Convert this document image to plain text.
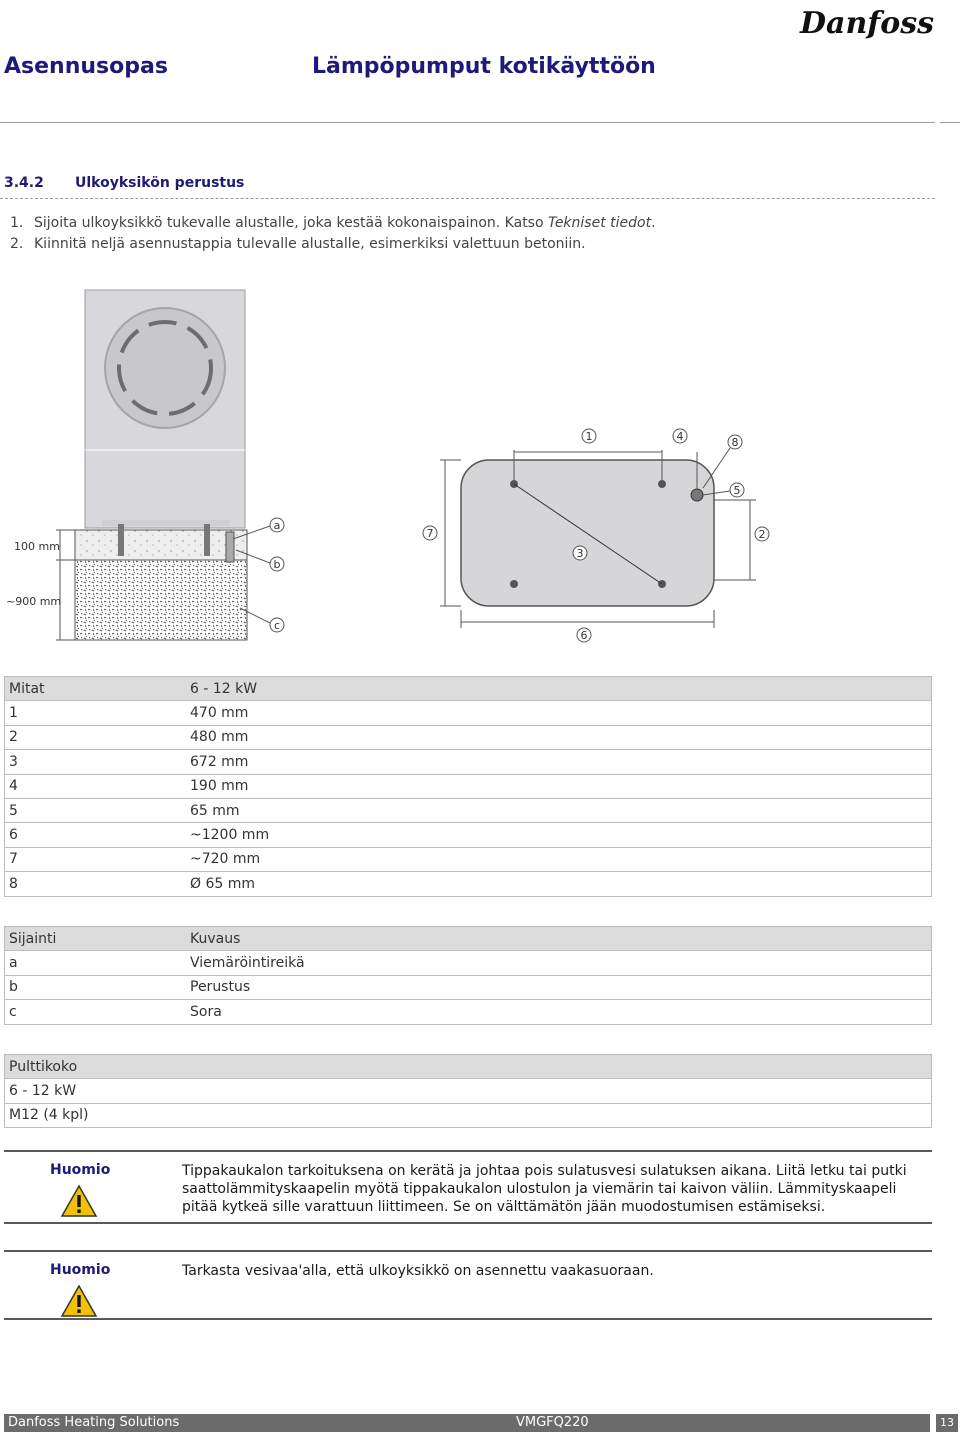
Asennusopas	Lämpöpumput kotikäyttöön
Danfoss
3.4.2 Ulkoyksikön perustus
1. Sijoita ulkoyksikkö tukevalle alustalle, joka kestää kokonaispainon. Katso Tekniset tiedot.
2. Kiinnitä neljä asennustappia tulevalle alustalle, esimerkiksi valettuun betoniin.
100 mm
~900 mm
a
b
c
1
2
3
4
5
6
7
8
Mitat	6 - 12 kW
1	470 mm
2	480 mm
3	672 mm
4	190 mm
5	65 mm
6	~1200 mm
7	~720 mm
8	Ø 65 mm
Sijainti	Kuvaus
a	Viemäröintireikä
b	Perustus
c	Sora
Pulttikoko
6 - 12 kW
M12 (4 kpl)
Huomio	Tippakaukalon tarkoituksena on kerätä ja johtaa pois sulatusvesi sulatuksen aikana. Liitä letku tai putki saattolämmityskaapelin myötä tippakaukalon ulostulon ja viemärin tai kaivon väliin. Lämmityskaapeli pitää kytkeä sille varattuun liittimeen. Se on välttämätön jään muodostumisen estämiseksi.
Huomio	Tarkasta vesivaa'alla, että ulkoyksikkö on asennettu vaakasuoraan.
Danfoss Heating Solutions	VMGFQ220	13
